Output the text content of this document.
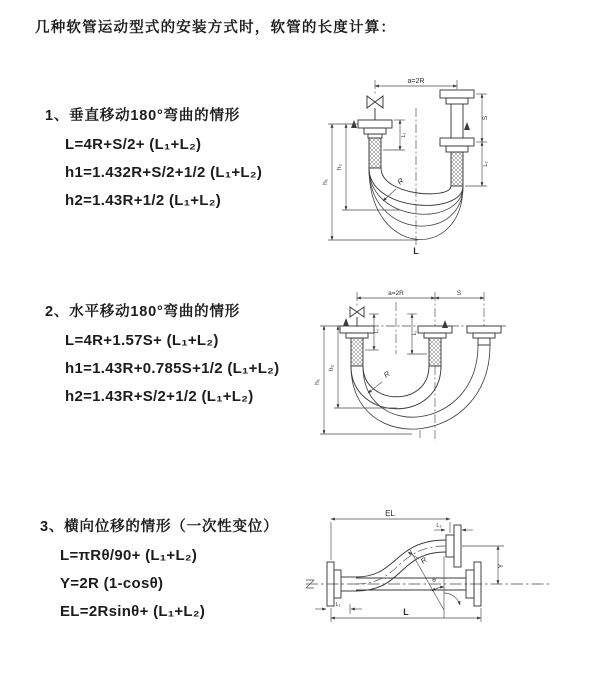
几种软管运动型式的安装方式时，软管的长度计算：
1、垂直移动180°弯曲的情形

L=4R+S/2+ (L₁+L₂)

h1=1.432R+S/2+1/2 (L₁+L₂)

h2=1.43R+1/2 (L₁+L₂)

a=2R
L₁
S
L₂
h₁
h₂
R
L
2、水平移动180°弯曲的情形

L=4R+1.57S+ (L₁+L₂)

h1=1.43R+0.785S+1/2 (L₁+L₂)

h2=1.43R+S/2+1/2 (L₁+L₂)

a=2R	S
L₁	L₂
h₁
h₂
R
3、横向位移的情形（一次性变位）

L=πRθ/90+ (L₁+L₂)

Y=2R (1-cosθ)

EL=2Rsinθ+ (L₁+L₂)

EL
L₂
Y
θ
R
L
L₁
